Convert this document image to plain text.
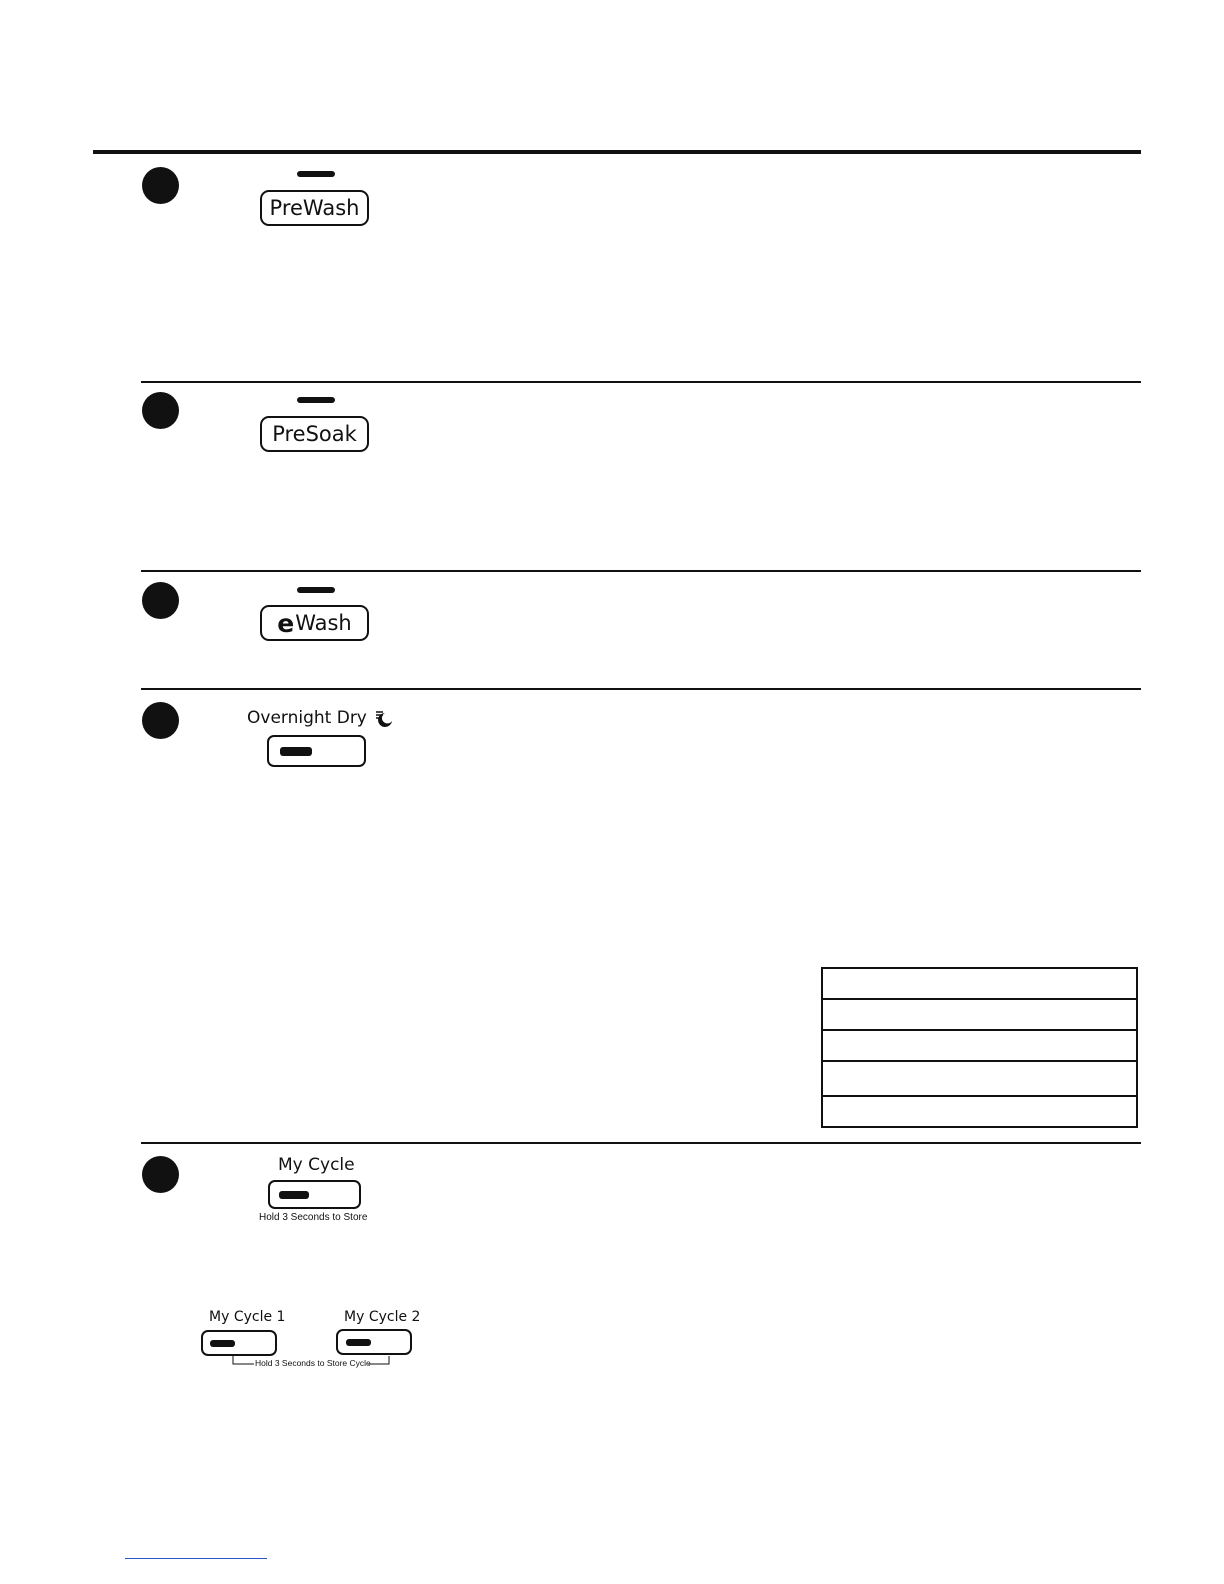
PreWash
PreSoak
e Wash
Overnight Dry

My Cycle
Hold 3 Seconds to Store
My Cycle 1	My Cycle 2
Hold 3 Seconds to Store Cycle
